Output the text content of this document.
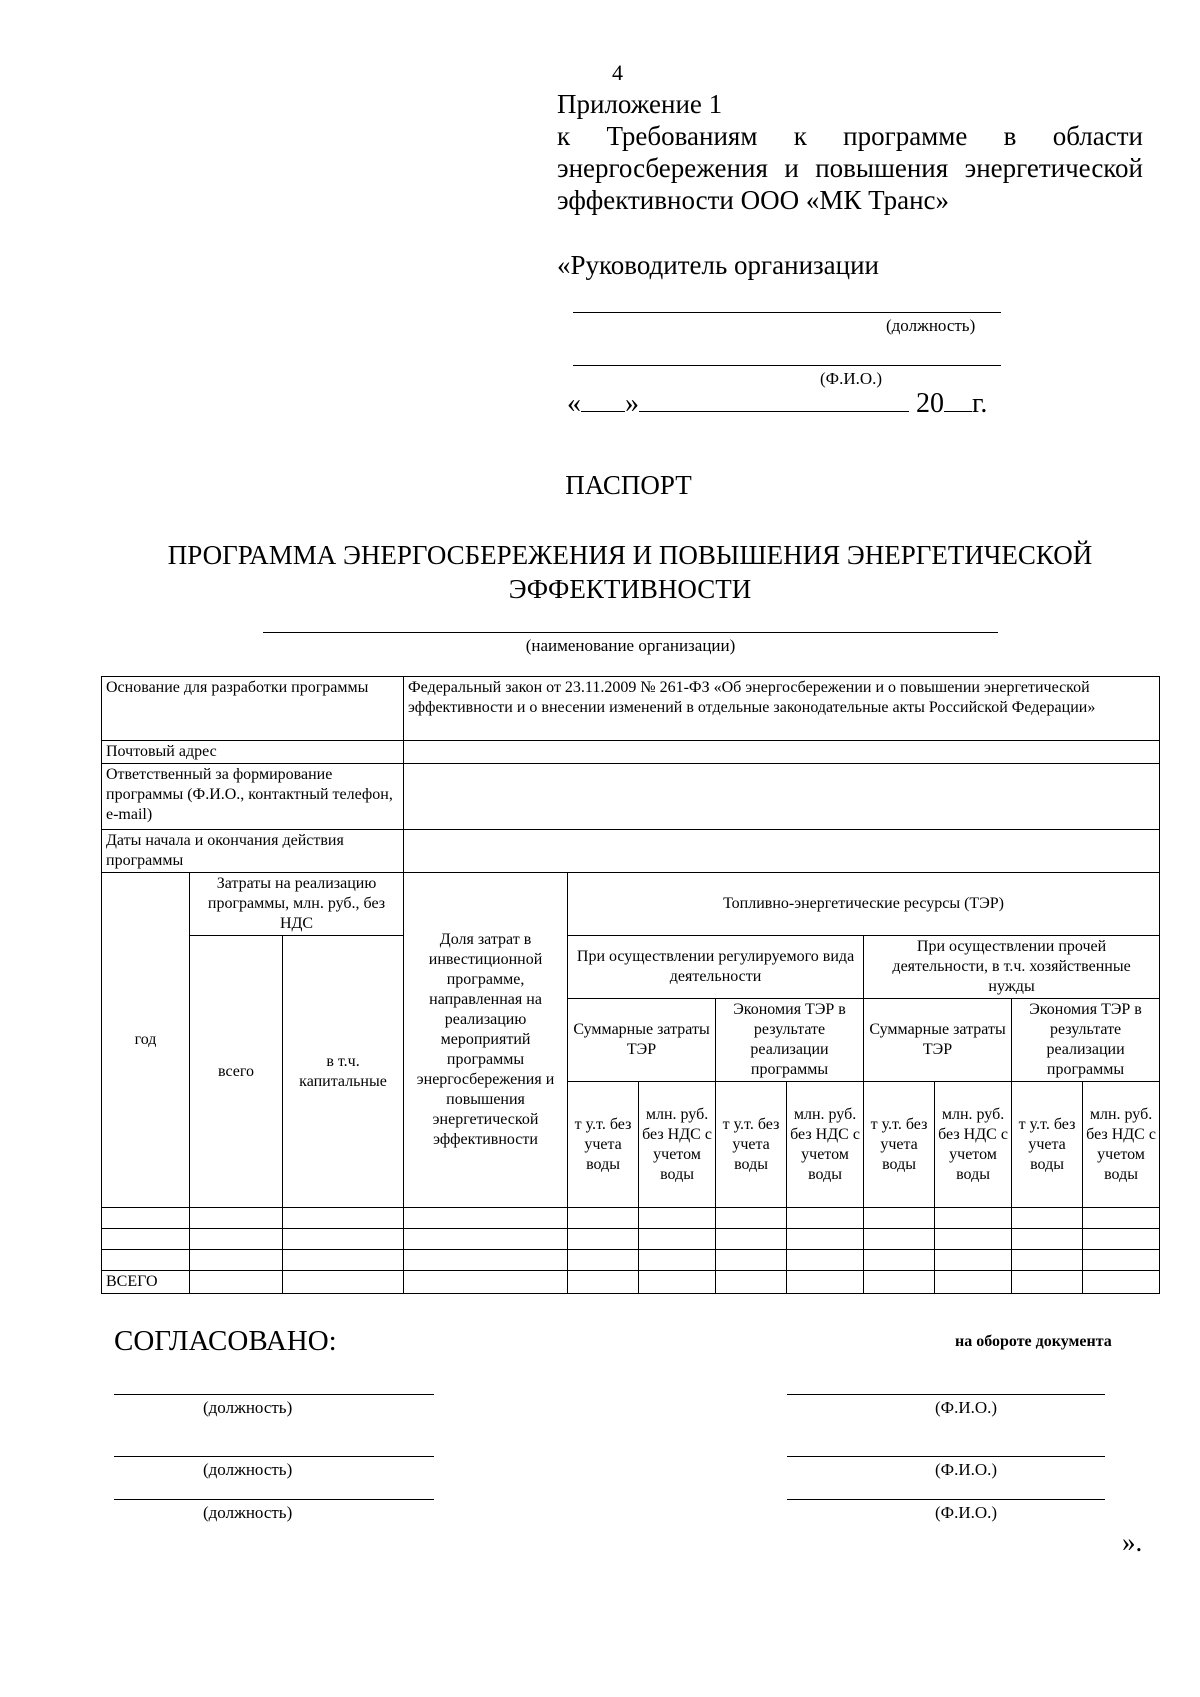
4
Приложение 1
к Требованиям к программе в области
энергосбережения и повышения энергетической
эффективности ООО «МК Транс»
«Руководитель организации
(должность)
(Ф.И.О.)
« »	20 г.
ПАСПОРТ
ПРОГРАММА ЭНЕРГОСБЕРЕЖЕНИЯ И ПОВЫШЕНИЯ ЭНЕРГЕТИЧЕСКОЙ
ЭФФЕКТИВНОСТИ
(наименование организации)
Основание для разработки программы			Федеральный закон от 23.11.2009 № 261-ФЗ «Об энергосбережении и о повышении энергетической эффективности и о внесении изменений в отдельные законодательные акты Российской Федерации»								
Почтовый адрес											
Ответственный за формирование программы (Ф.И.О., контактный телефон, e-mail)											
Даты начала и окончания действия программы											
год	Затраты на реализацию программы, млн. руб., без НДС		Доля затрат в инвестиционной программе, направленная на реализацию мероприятий программы энергосбережения и повышения энергетической эффективности	Топливно-энергетические ресурсы (ТЭР)							
	всего	в т.ч. капитальные		При осуществлении регулируемого вида деятельности				При осуществлении прочей деятельности, в т.ч. хозяйственные нужды			
				Суммарные затраты ТЭР		Экономия ТЭР в результате реализации программы		Суммарные затраты ТЭР		Экономия ТЭР в результате реализации программы	
				т у.т. без учета воды	млн. руб. без НДС с учетом воды	т у.т. без учета воды	млн. руб. без НДС с учетом воды	т у.т. без учета воды	млн. руб. без НДС с учетом воды	т у.т. без учета воды	млн. руб. без НДС с учетом воды

ВСЕГО											
СОГЛАСОВАНО:	на обороте документа
(должность)	(Ф.И.О.)
(должность)	(Ф.И.О.)
(должность)	(Ф.И.О.)
».
